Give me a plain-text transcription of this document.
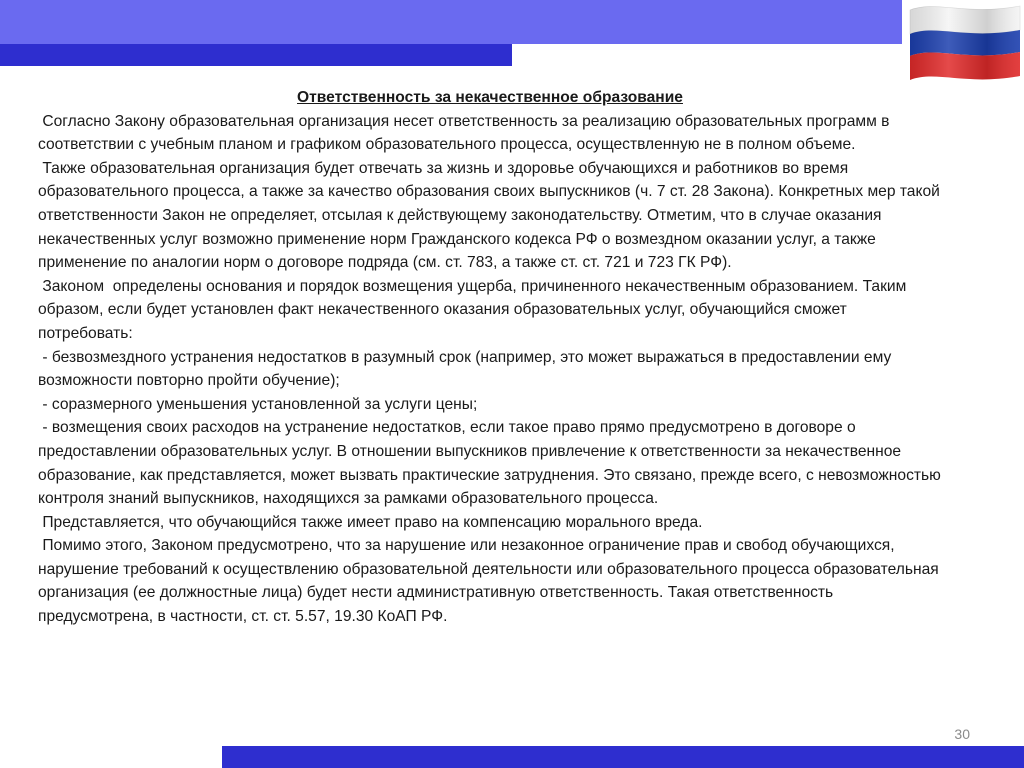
Ответственность за некачественное образование

Согласно Закону образовательная организация несет ответственность за реализацию образовательных программ в соответствии с учебным планом и графиком образовательного процесса, осуществленную не в полном объеме.

Также образовательная организация будет отвечать за жизнь и здоровье обучающихся и работников во время образовательного процесса, а также за качество образования своих выпускников (ч. 7 ст. 28 Закона). Конкретных мер такой ответственности Закон не определяет, отсылая к действующему законодательству. Отметим, что в случае оказания некачественных услуг возможно применение норм Гражданского кодекса РФ о возмездном оказании услуг, а также применение по аналогии норм о договоре подряда (см. ст. 783, а также ст. ст. 721 и 723 ГК РФ).

Законом  определены основания и порядок возмещения ущерба, причиненного некачественным образованием. Таким образом, если будет установлен факт некачественного оказания образовательных услуг, обучающийся сможет потребовать:

- безвозмездного устранения недостатков в разумный срок (например, это может выражаться в предоставлении ему возможности повторно пройти обучение);

- соразмерного уменьшения установленной за услуги цены;

- возмещения своих расходов на устранение недостатков, если такое право прямо предусмотрено в договоре о предоставлении образовательных услуг. В отношении выпускников привлечение к ответственности за некачественное образование, как представляется, может вызвать практические затруднения. Это связано, прежде всего, с невозможностью контроля знаний выпускников, находящихся за рамками образовательного процесса.

Представляется, что обучающийся также имеет право на компенсацию морального вреда.

Помимо этого, Законом предусмотрено, что за нарушение или незаконное ограничение прав и свобод обучающихся, нарушение требований к осуществлению образовательной деятельности или образовательного процесса образовательная организация (ее должностные лица) будет нести административную ответственность. Такая ответственность предусмотрена, в частности, ст. ст. 5.57, 19.30 КоАП РФ.

30
